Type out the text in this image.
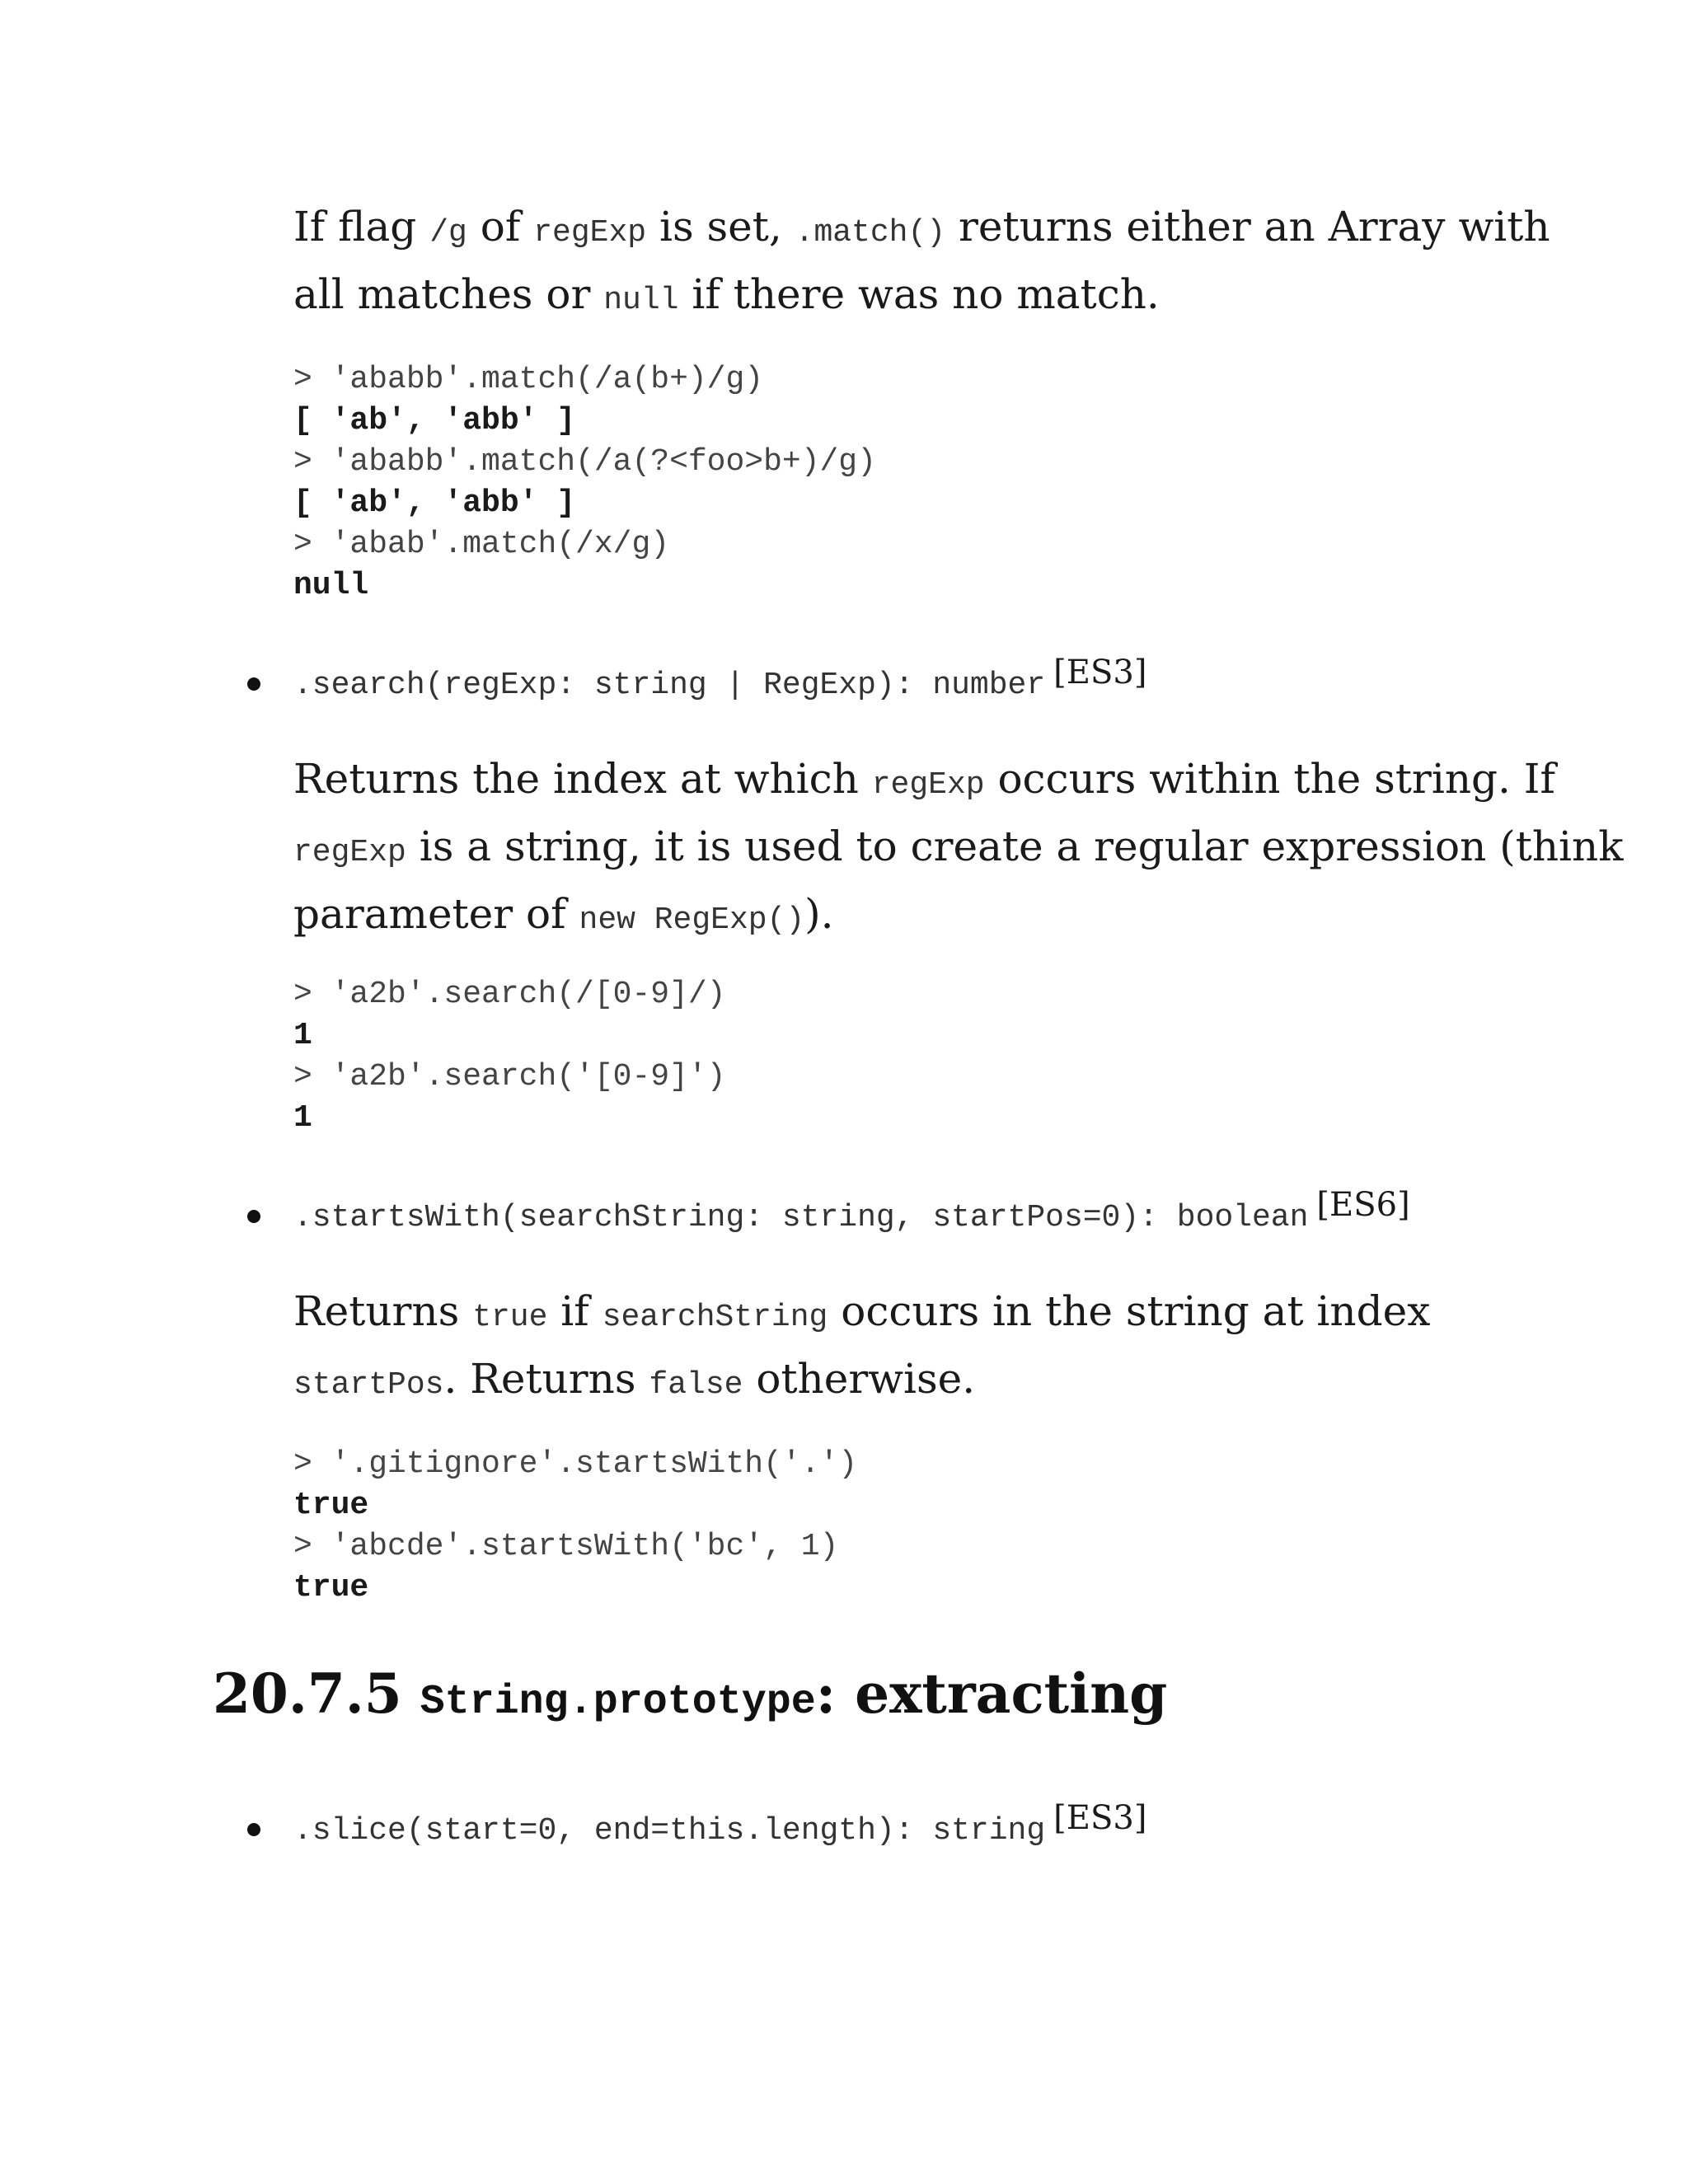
If flag /g of regExp is set, .match() returns either an Array with
all matches or null if there was no match.

> 'ababb'.match(/a(b+)/g)
[ 'ab', 'abb' ]
> 'ababb'.match(/a(?<foo>b+)/g)
[ 'ab', 'abb' ]
> 'abab'.match(/x/g)
null
.search(regExp: string | RegExp): number [ES3]

Returns the index at which regExp occurs within the string. If
regExp is a string, it is used to create a regular expression (think
parameter of new RegExp()).

> 'a2b'.search(/[0-9]/)
1
> 'a2b'.search('[0-9]')
1
.startsWith(searchString: string, startPos=0): boolean [ES6]

Returns true if searchString occurs in the string at index
startPos. Returns false otherwise.

> '.gitignore'.startsWith('.')
true
> 'abcde'.startsWith('bc', 1)
true
20.7.5 String.prototype: extracting
.slice(start=0, end=this.length): string [ES3]
